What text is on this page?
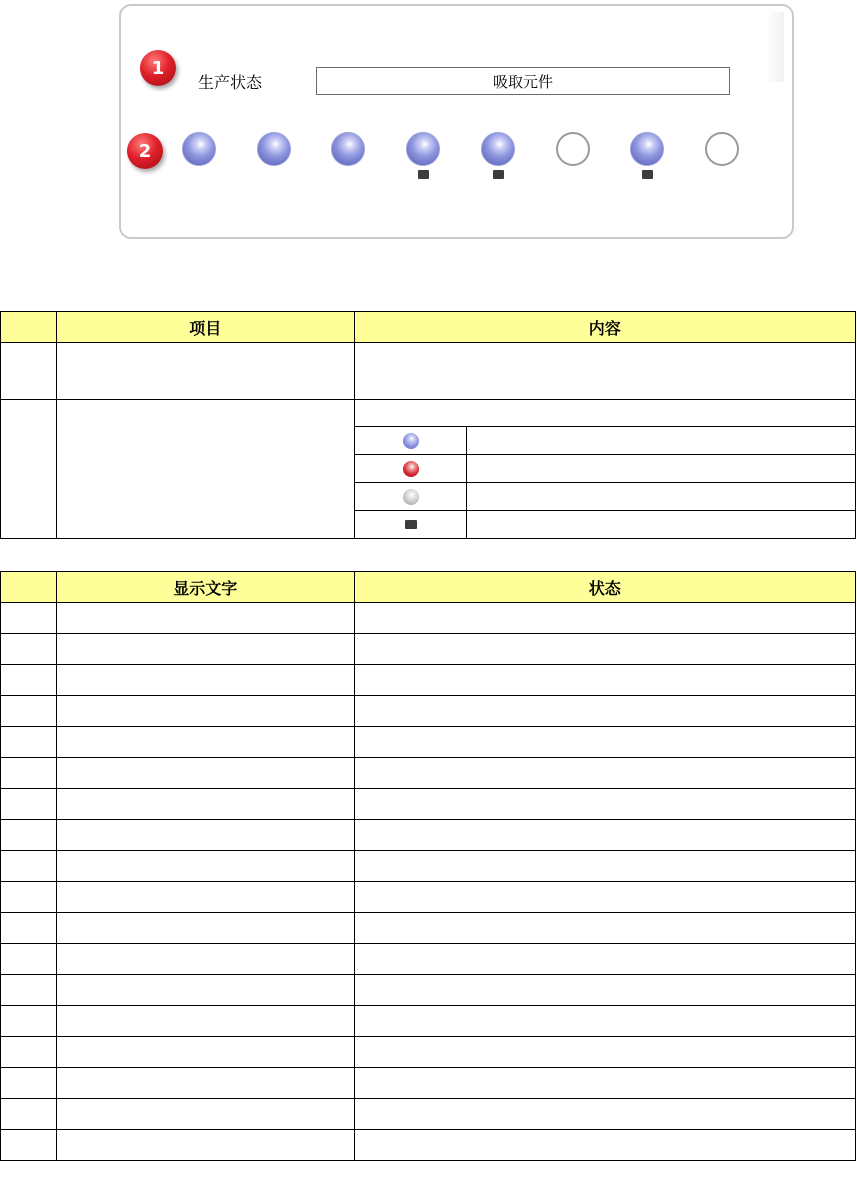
1
2
生产状态	吸取元件
	项目	内容	

	显示文字	状态
